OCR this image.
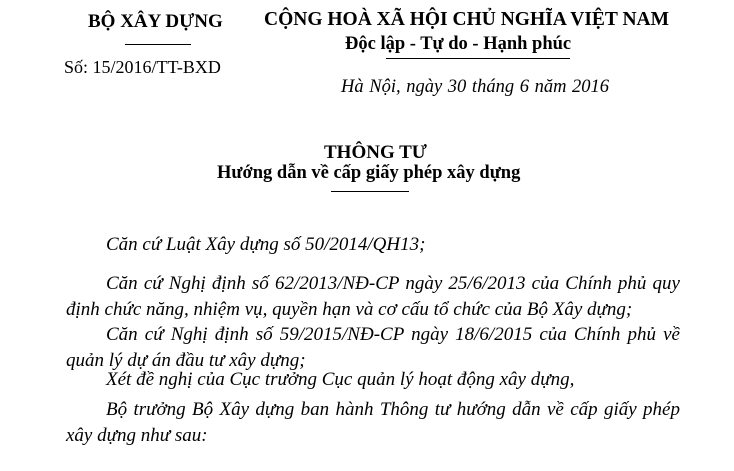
BỘ XÂY DỰNG
Số: 15/2016/TT-BXD
CỘNG HOÀ XÃ HỘI CHỦ NGHĨA VIỆT NAM
Độc lập - Tự do - Hạnh phúc
Hà Nội, ngày 30 tháng 6 năm 2016
THÔNG TƯ
Hướng dẫn về cấp giấy phép xây dựng

Căn cứ Luật Xây dựng số 50/2014/QH13;

Căn cứ Nghị định số 62/2013/NĐ-CP ngày 25/6/2013 của Chính phủ quy định chức năng, nhiệm vụ, quyền hạn và cơ cấu tổ chức của Bộ Xây dựng;

Căn cứ Nghị định số 59/2015/NĐ-CP ngày 18/6/2015 của Chính phủ về quản lý dự án đầu tư xây dựng;

Xét đề nghị của Cục trưởng Cục quản lý hoạt động xây dựng,

Bộ trưởng Bộ Xây dựng ban hành Thông tư hướng dẫn về cấp giấy phép xây dựng như sau:
